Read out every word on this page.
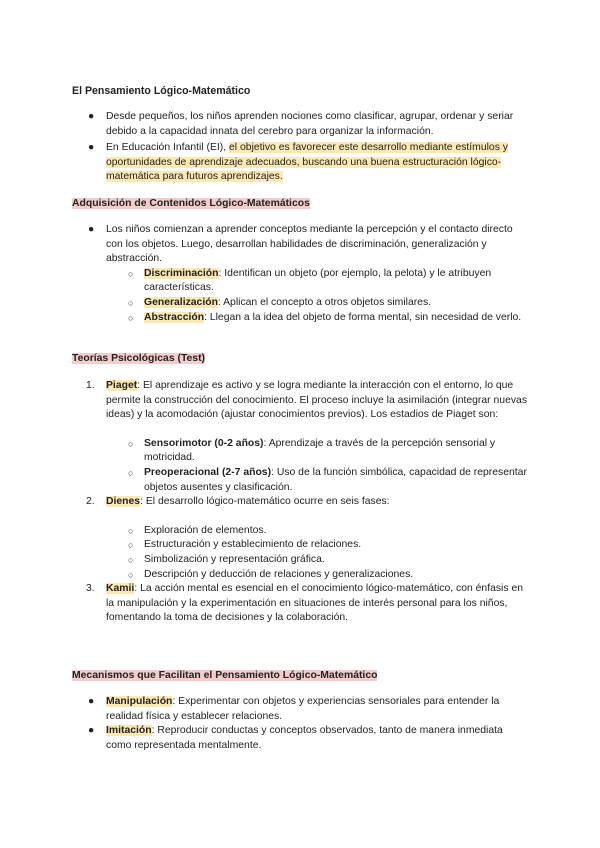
El Pensamiento Lógico-Matemático
●	Desde pequeños, los niños aprenden nociones como clasificar, agrupar, ordenar y seriar debido a la capacidad innata del cerebro para organizar la información.
●	En Educación Infantil (EI), el objetivo es favorecer este desarrollo mediante estímulos y oportunidades de aprendizaje adecuados, buscando una buena estructuración lógico-matemática para futuros aprendizajes.
Adquisición de Contenidos Lógico-Matemáticos
●	Los niños comienzan a aprender conceptos mediante la percepción y el contacto directo con los objetos. Luego, desarrollan habilidades de discriminación, generalización y abstracción.
○	Discriminación: Identifican un objeto (por ejemplo, la pelota) y le atribuyen características.
○	Generalización: Aplican el concepto a otros objetos similares.
○	Abstracción: Llegan a la idea del objeto de forma mental, sin necesidad de verlo.
Teorías Psicológicas (Test)
1.	Piaget: El aprendizaje es activo y se logra mediante la interacción con el entorno, lo que permite la construcción del conocimiento. El proceso incluye la asimilación (integrar nuevas ideas) y la acomodación (ajustar conocimientos previos). Los estadios de Piaget son:
○	Sensorimotor (0-2 años): Aprendizaje a través de la percepción sensorial y motricidad.
○	Preoperacional (2-7 años): Uso de la función simbólica, capacidad de representar objetos ausentes y clasificación.
2.	Dienes: El desarrollo lógico-matemático ocurre en seis fases:
○	Exploración de elementos.
○	Estructuración y establecimiento de relaciones.
○	Simbolización y representación gráfica.
○	Descripción y deducción de relaciones y generalizaciones.
3.	Kamii: La acción mental es esencial en el conocimiento lógico-matemático, con énfasis en la manipulación y la experimentación en situaciones de interés personal para los niños, fomentando la toma de decisiones y la colaboración.
Mecanismos que Facilitan el Pensamiento Lógico-Matemático
●	Manipulación: Experimentar con objetos y experiencias sensoriales para entender la realidad física y establecer relaciones.
●	Imitación: Reproducir conductas y conceptos observados, tanto de manera inmediata como representada mentalmente.
